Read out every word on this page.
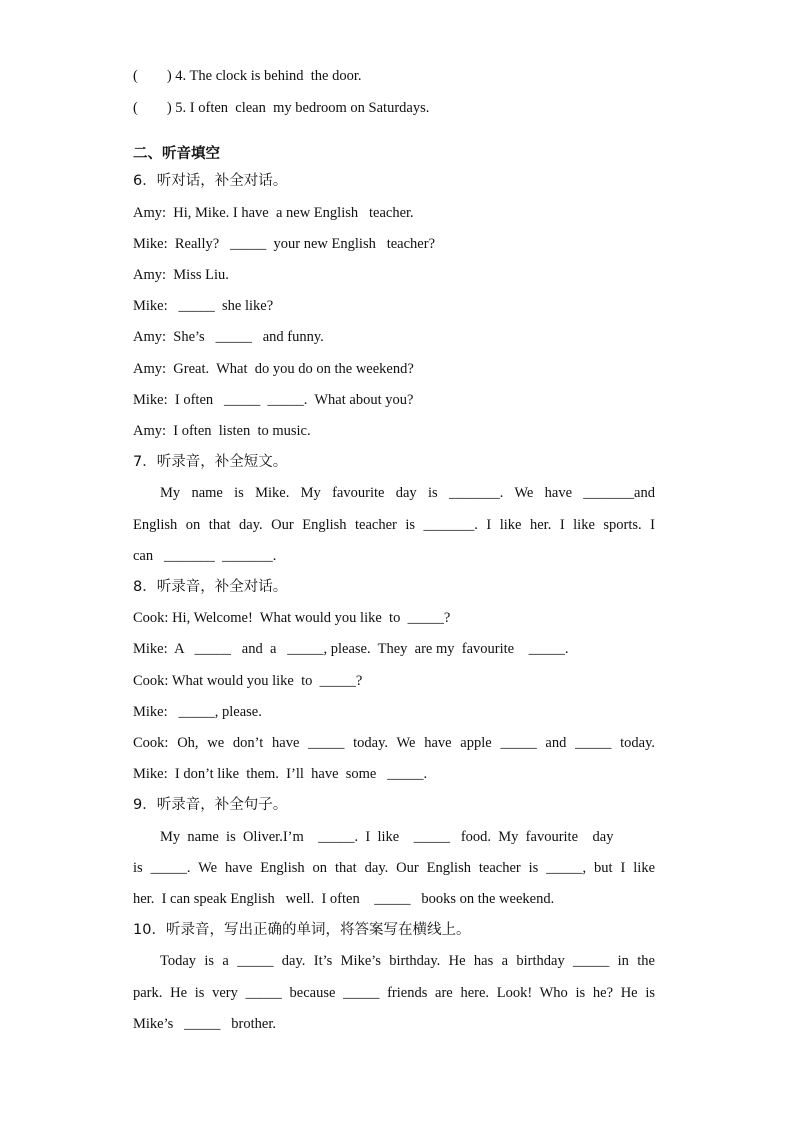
(        ) 4. The clock is behind  the door.
(        ) 5. I often  clean  my bedroom on Saturdays.
二、听音填空
6．听对话，补全对话。
Amy:  Hi, Mike. I have  a new English   teacher.
Mike:  Really?   _____  your new English   teacher?
Amy:  Miss Liu.
Mike:   _____  she like?
Amy:  She’s   _____   and funny.
Amy:  Great.  What  do you do on the weekend?
Mike:  I often   _____  _____.  What about you?
Amy:  I often  listen  to music.
7．听录音，补全短文。
My name is Mike. My favourite day is _______. We have _______and
English on that day. Our English teacher is _______. I like her. I like sports. I
can   _______  _______.
8．听录音，补全对话。
Cook: Hi, Welcome!  What would you like  to  _____?
Mike:  A   _____   and  a   _____, please.  They  are my  favourite    _____.
Cook: What would you like  to  _____?
Mike:   _____, please.
Cook: Oh, we don’t have _____ today. We have apple _____ and _____ today.
Mike:  I don’t like  them.  I’ll  have  some   _____.
9．听录音，补全句子。
My  name  is  Oliver.I’m    _____.  I  like    _____   food.  My  favourite    day
is _____. We have English on that day. Our English teacher is _____, but I like
her.  I can speak English   well.  I often    _____   books on the weekend.
10．听录音，写出正确的单词，将答案写在横线上。
Today is a _____ day. It’s Mike’s birthday. He has a birthday _____ in the
park. He is very _____ because _____ friends are here. Look! Who is he? He is
Mike’s   _____   brother.
